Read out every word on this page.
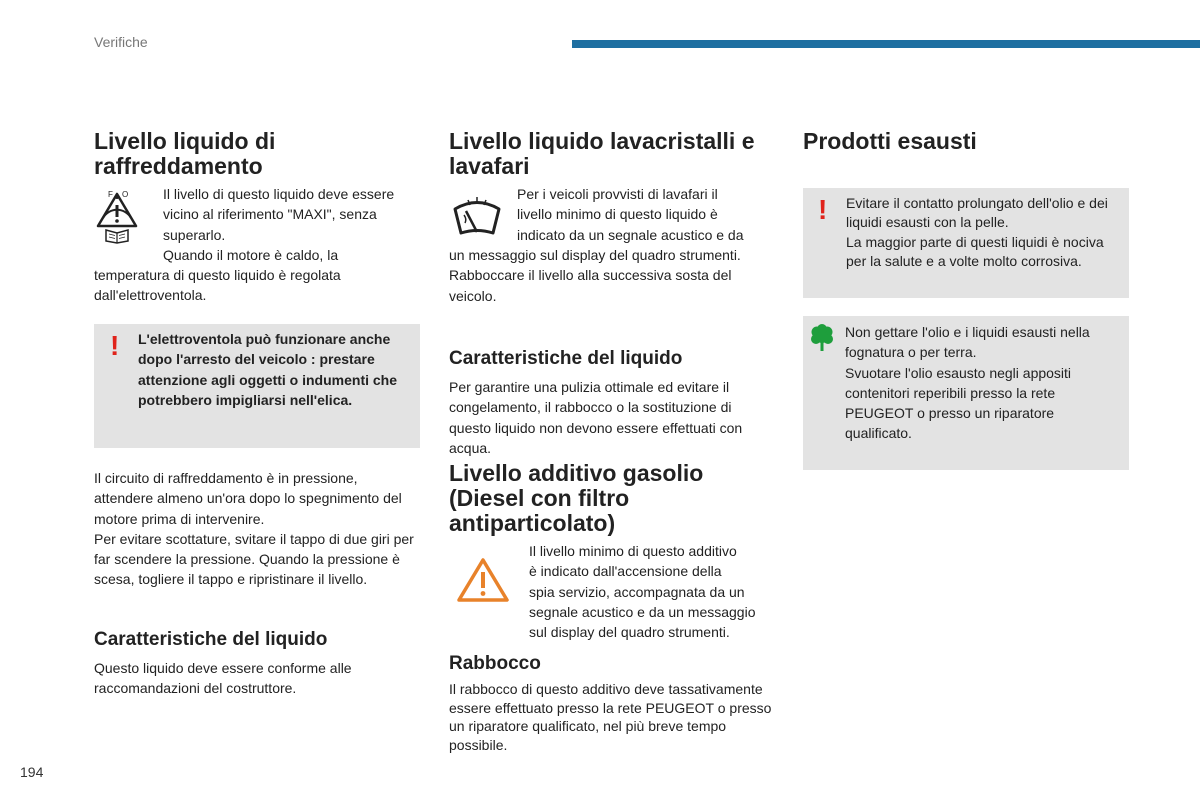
Verifiche
Livello liquido di raffreddamento
F O Il livello di questo liquido deve essere
vicino al riferimento "MAXI", senza
superarlo.
Quando il motore è caldo, la

temperatura di questo liquido è regolata dall'elettroventola.

! L'elettroventola può funzionare anche dopo l'arresto del veicolo : prestare attenzione agli oggetti o indumenti che potrebbero impigliarsi nell'elica.

Il circuito di raffreddamento è in pressione, attendere almeno un'ora dopo lo spegnimento del motore prima di intervenire.
Per evitare scottature, svitare il tappo di due giri per far scendere la pressione. Quando la pressione è scesa, togliere il tappo e ripristinare il livello.

Caratteristiche del liquido

Questo liquido deve essere conforme alle raccomandazioni del costruttore.

Livello liquido lavacristalli e lavafari
Per i veicoli provvisti di lavafari il
livello minimo di questo liquido è
indicato da un segnale acustico e da

un messaggio sul display del quadro strumenti. Rabboccare il livello alla successiva sosta del veicolo.

Caratteristiche del liquido

Per garantire una pulizia ottimale ed evitare il congelamento, il rabbocco o la sostituzione di questo liquido non devono essere effettuati con acqua.

Livello additivo gasolio (Diesel con filtro antiparticolato)
Il livello minimo di questo additivo
è indicato dall'accensione della
spia servizio, accompagnata da un
segnale acustico e da un messaggio
sul display del quadro strumenti.
Rabbocco

Il rabbocco di questo additivo deve tassativamente essere effettuato presso la rete PEUGEOT o presso un riparatore qualificato, nel più breve tempo possibile.

Prodotti esausti
! Evitare il contatto prolungato dell'olio e dei liquidi esausti con la pelle.
La maggior parte di questi liquidi è nociva per la salute e a volte molto corrosiva.

Non gettare l'olio e i liquidi esausti nella fognatura o per terra.
Svuotare l'olio esausto negli appositi contenitori reperibili presso la rete PEUGEOT o presso un riparatore qualificato.

194
